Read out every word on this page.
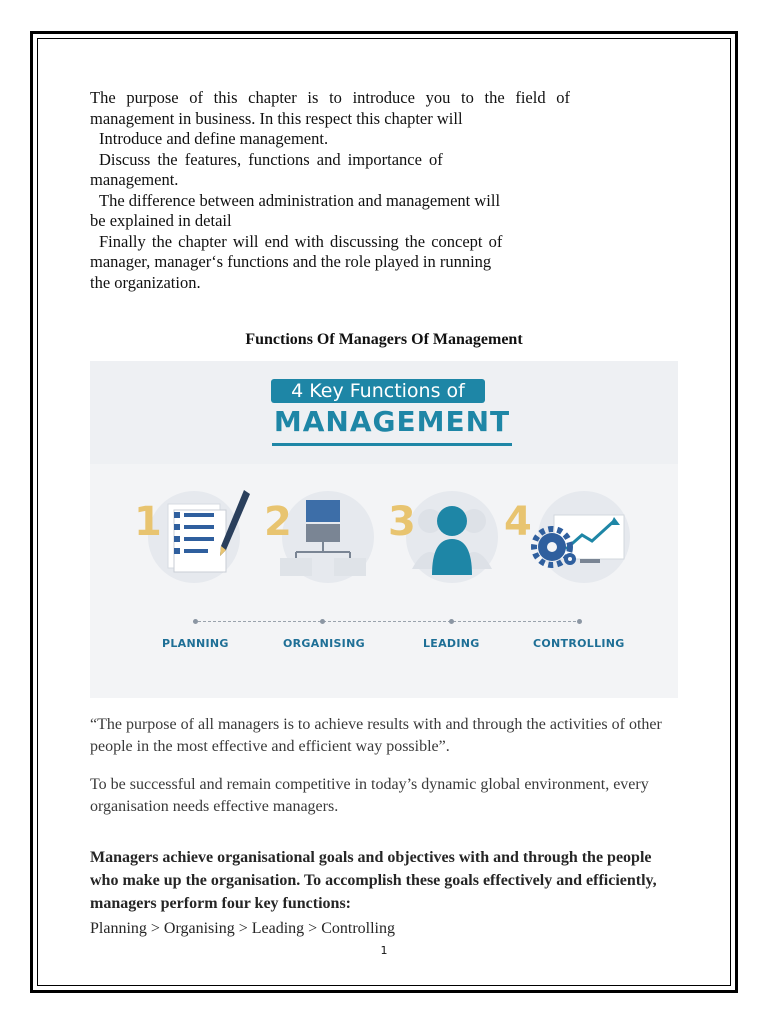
The purpose of this chapter is to introduce you to the field of
management in business. In this respect this chapter will
Introduce and define management.
Discuss the features, functions and importance of
management.
The difference between administration and management will
be explained in detail
Finally the chapter will end with discussing the concept of
manager, manager‘s functions and the role played in running
the organization.
Functions Of Managers Of Management
4 Key Functions of
MANAGEMENT
1	2 3 4
PLANNING	ORGANISING	LEADING	CONTROLLING
“The purpose of all managers is to achieve results with and through the activities of other people in the most effective and efficient way possible”.
To be successful and remain competitive in today’s dynamic global environment, every organisation needs effective managers.
Managers achieve organisational goals and objectives with and through the people who make up the organisation. To accomplish these goals effectively and efficiently, managers perform four key functions:
Planning > Organising > Leading > Controlling
1
